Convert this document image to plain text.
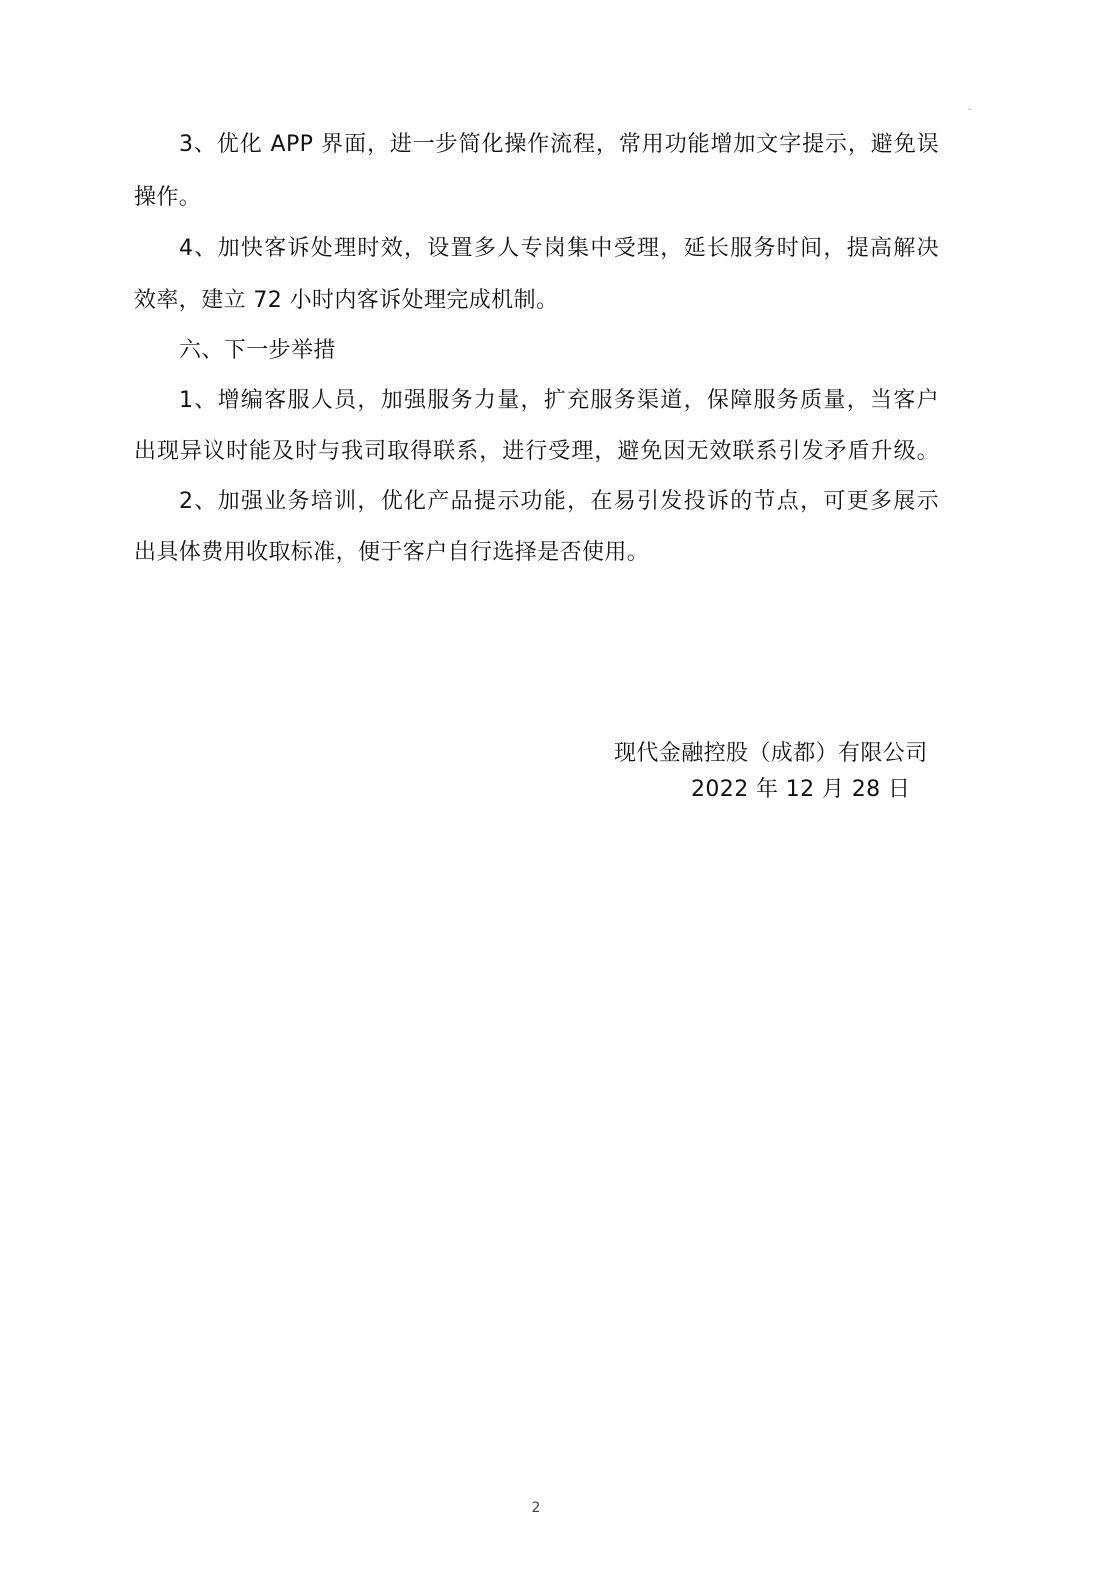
-
3、优化 APP 界面，进一步简化操作流程，常用功能增加文字提示，避免误
操作。
4、加快客诉处理时效，设置多人专岗集中受理，延长服务时间，提高解决
效率，建立 72 小时内客诉处理完成机制。
六、下一步举措
1、增编客服人员，加强服务力量，扩充服务渠道，保障服务质量，当客户
出现异议时能及时与我司取得联系，进行受理，避免因无效联系引发矛盾升级。
2、加强业务培训，优化产品提示功能，在易引发投诉的节点，可更多展示
出具体费用收取标准，便于客户自行选择是否使用。
现代金融控股（成都）有限公司
2022 年 12 月 28 日
2
